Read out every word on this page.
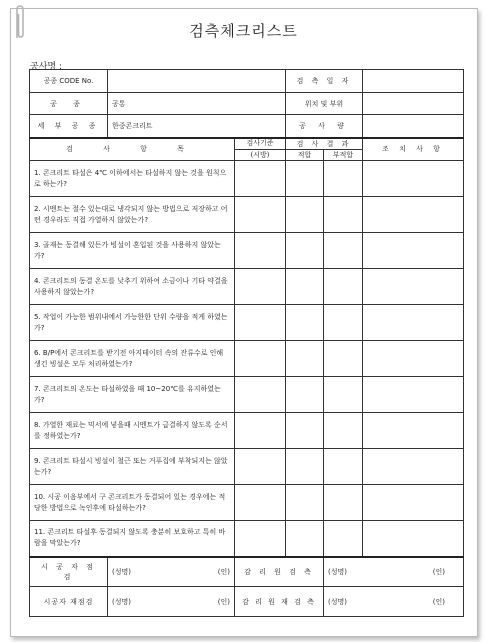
검측체크리스트
공사명 :
공종 CODE No.			검 측 일 자		
공 종	공통		위치 및 부위		
세 부 공 종	한중콘크리트		공 사 량		
검 사 항 목		검사기준	검 사 결 과		조 치 사 항
		(시방)	적합	부적합	
1. 콘크리트 타설은 4℃ 이하에서는 타설하지 않는 것을 원칙으로 하는가?					
2. 시멘트는 절수 있는대로 냉각되지 않는 방법으로 저장하고 어떤 경우라도 직접 가열하지 않았는가?					
3. 골재는 동결해 있든가 빙설이 혼입된 것을 사용하지 않았는가?					
4. 콘크리트의 동결 온도를 낮추기 위하여 소금이나 기타 약결을 사용하지 않았는가?					
5. 작업이 가능한 범위내에서 가능한한 단위 수량을 적게 하였는가?					
6. B/P에서 콘크리트를 받기전 아지테이터 속의 잔류수로 인해 생긴 빙설은 모두 처리하였는가?					
7. 콘크리트의 온도는 타설하였을 때 10~20℃를 유지하였는가?					
8. 가열한 재료는 믹서에 넣을때 시멘트가 급결하지 않도록 순서를 정하였는가?					
9. 콘크리트 타설시 빙설이 철근 또는 거푸집에 부착되지는 않았는가?					
10. 시공 이음부에서 구 콘크리트가 동결되어 있는 경우에는 적당한 방법으로 녹인후에 타설하는가?					
11. 콘크리트 타설후 동결되지 않도록 충분히 보호하고 특히 바람을 막았는가?					
시 공 자 점 검	(성명) (인)	감 리 원 검 측		(성명) (인)	

시공자 재점검	(성명) (인)	감 리 원 재 검 측		(성명) (인)	
